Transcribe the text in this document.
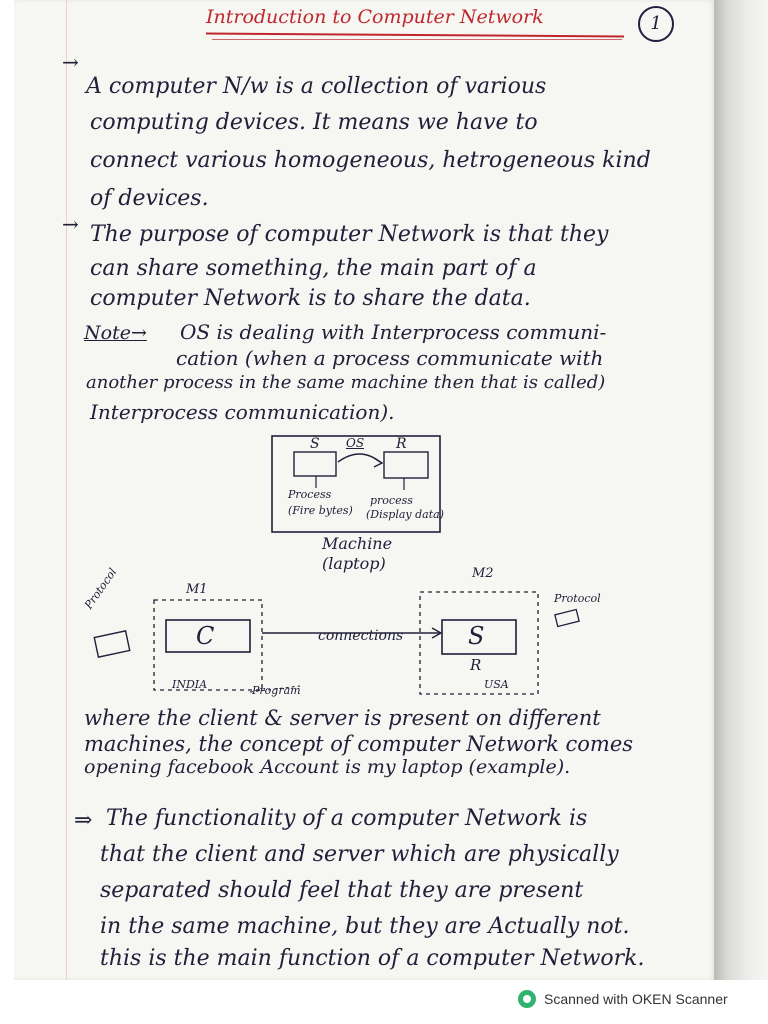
Introduction to Computer Network	1
→
A computer N/w is a collection of various
computing devices. It means we have to
connect various homogeneous, hetrogeneous kind
of devices.
→ The purpose of computer Network is that they
can share something, the main part of a
computer Network is to share the data.
Note→ OS is dealing with Interprocess communi-
cation (when a process communicate with
another process in the same machine then that is called)
Interprocess communication).
S OS R
Process
(Fire bytes)
process
(Display data)
Machine
(laptop)
M1
M2
C	S
R
connections
Protocol	Protocol
INDIA	Program	USA
where the client & server is present on different
machines, the concept of computer Network comes
opening facebook Account is my laptop (example).
⇒ The functionality of a computer Network is
that the client and server which are physically
separated should feel that they are present
in the same machine, but they are Actually not.
this is the main function of a computer Network.
Scanned with OKEN Scanner
